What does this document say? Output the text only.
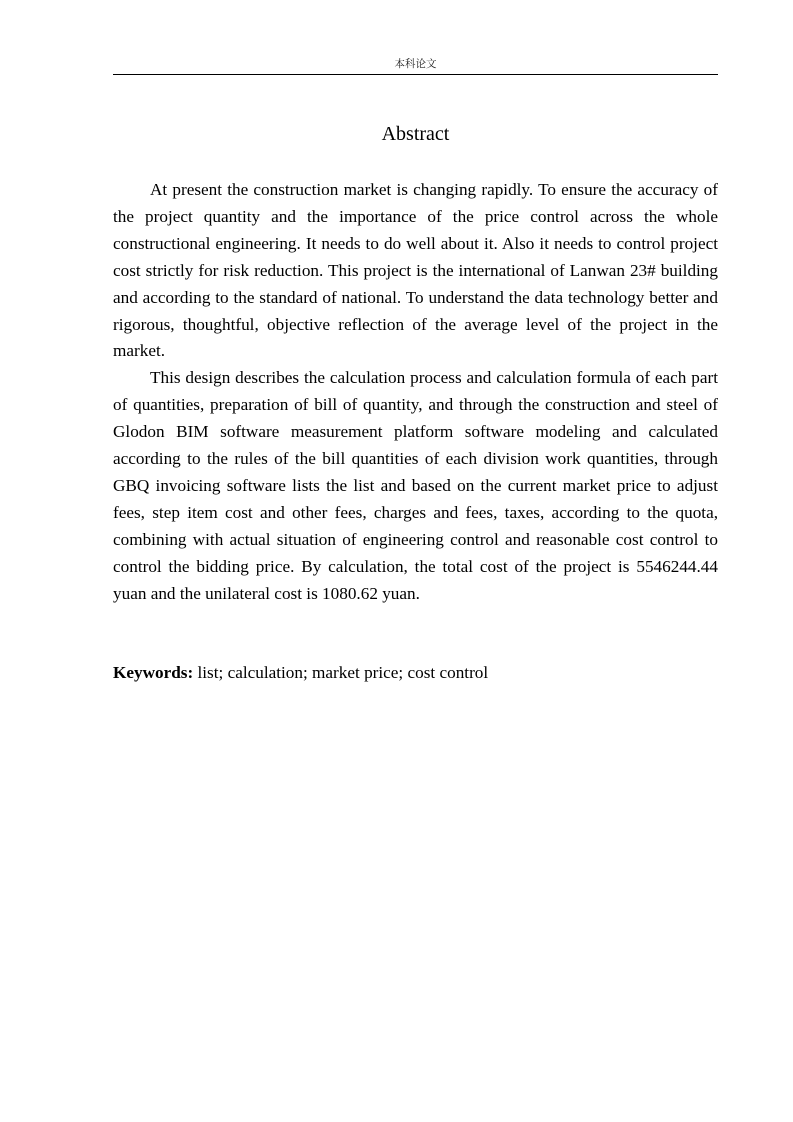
本科论文
Abstract

At present the construction market is changing rapidly. To ensure the accuracy of the project quantity and the importance of the price control across the whole constructional engineering. It needs to do well about it. Also it needs to control project cost strictly for risk reduction. This project is the international of Lanwan 23# building and according to the standard of national. To understand the data technology better and rigorous, thoughtful, objective reflection of the average level of the project in the market.

This design describes the calculation process and calculation formula of each part of quantities, preparation of bill of quantity, and through the construction and steel of Glodon BIM software measurement platform software modeling and calculated according to the rules of the bill quantities of each division work quantities, through GBQ invoicing software lists the list and based on the current market price to adjust fees, step item cost and other fees, charges and fees, taxes, according to the quota, combining with actual situation of engineering control and reasonable cost control to control the bidding price. By calculation, the total cost of the project is 5546244.44 yuan and the unilateral cost is 1080.62 yuan.

Keywords: list; calculation; market price; cost control
